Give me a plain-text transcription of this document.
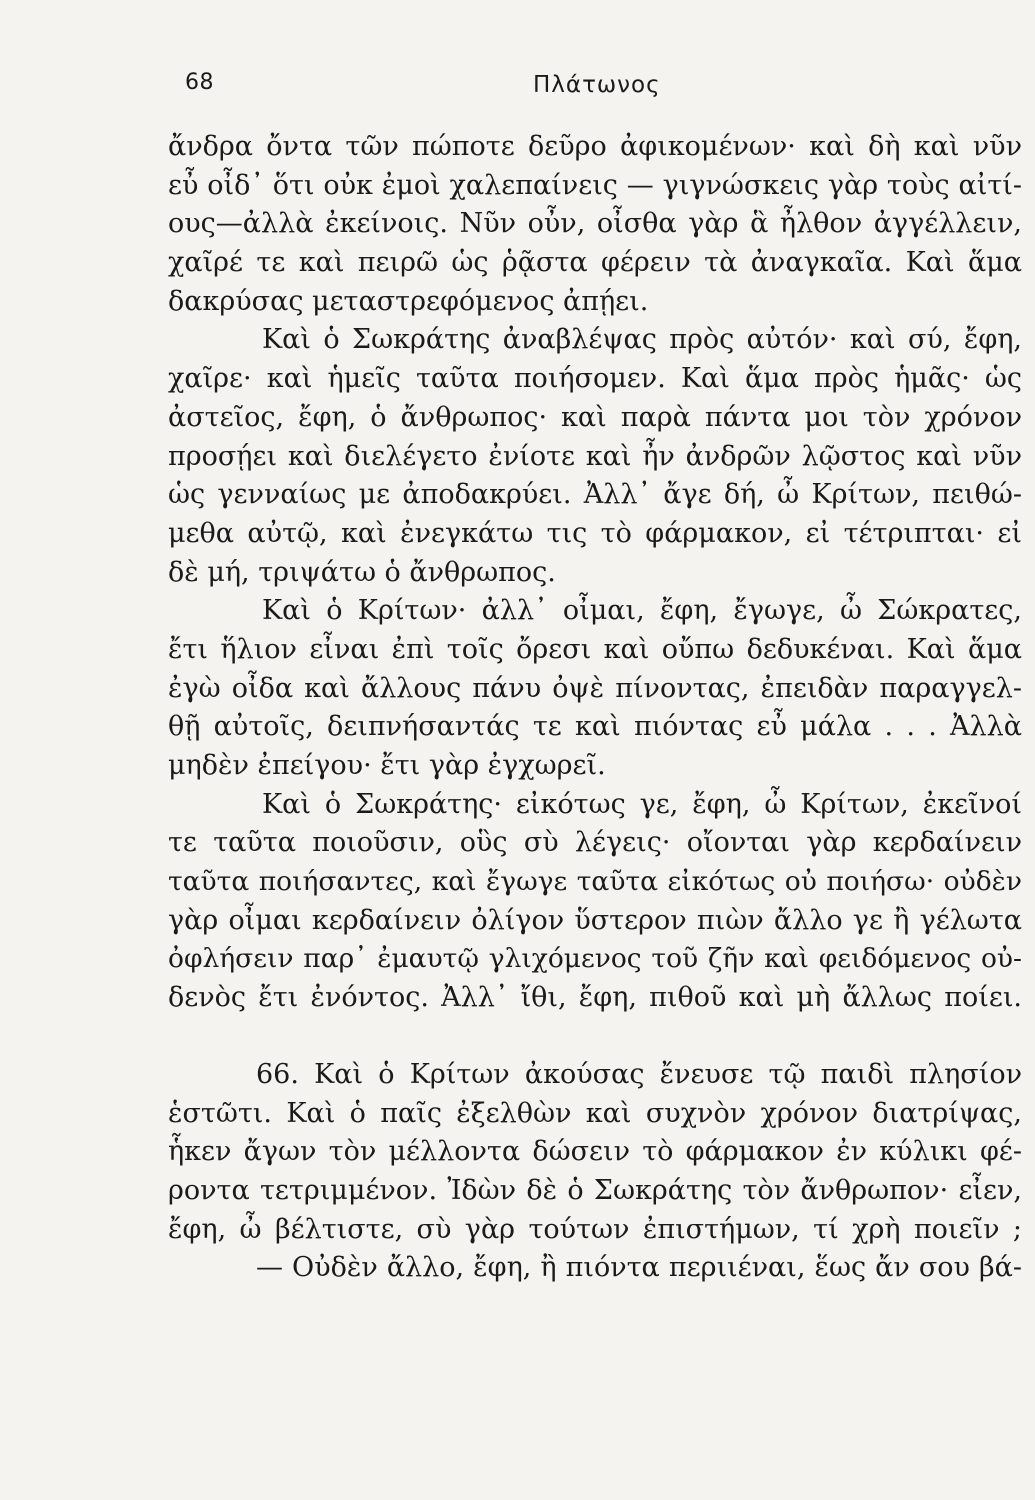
68	Πλάτωνος
ἄνδρα ὄντα τῶν πώποτε δεῦρο ἀφικομένων· καὶ δὴ καὶ νῦν
εὖ οἶδ᾽ ὅτι οὐκ ἐμοὶ χαλεπαίνεις — γιγνώσκεις γὰρ τοὺς αἰτί-
ους—ἀλλὰ ἐκείνοις. Νῦν οὖν, οἶσθα γὰρ ἃ ἦλθον ἀγγέλλειν,
χαῖρέ τε καὶ πειρῶ ὡς ῥᾷστα φέρειν τὰ ἀναγκαῖα. Καὶ ἅμα
δακρύσας μεταστρεφόμενος ἀπῄει.
Καὶ ὁ Σωκράτης ἀναβλέψας πρὸς αὐτόν· καὶ σύ, ἔφη,
χαῖρε· καὶ ἡμεῖς ταῦτα ποιήσομεν. Καὶ ἅμα πρὸς ἡμᾶς· ὡς
ἀστεῖος, ἔφη, ὁ ἄνθρωπος· καὶ παρὰ πάντα μοι τὸν χρόνον
προσῄει καὶ διελέγετο ἐνίοτε καὶ ἦν ἀνδρῶν λῷστος καὶ νῦν
ὡς γενναίως με ἀποδακρύει. Ἀλλ᾽ ἄγε δή, ὦ Κρίτων, πειθώ-
μεθα αὐτῷ, καὶ ἐνεγκάτω τις τὸ φάρμακον, εἰ τέτριπται· εἰ
δὲ μή, τριψάτω ὁ ἄνθρωπος.
Καὶ ὁ Κρίτων· ἀλλ᾽ οἶμαι, ἔφη, ἔγωγε, ὦ Σώκρατες,
ἔτι ἥλιον εἶναι ἐπὶ τοῖς ὄρεσι καὶ οὔπω δεδυκέναι. Καὶ ἅμα
ἐγὼ οἶδα καὶ ἄλλους πάνυ ὀψὲ πίνοντας, ἐπειδὰν παραγγελ-
θῇ αὐτοῖς, δειπνήσαντάς τε καὶ πιόντας εὖ μάλα . . . Ἀλλὰ
μηδὲν ἐπείγου· ἔτι γὰρ ἐγχωρεῖ.
Καὶ ὁ Σωκράτης· εἰκότως γε, ἔφη, ὦ Κρίτων, ἐκεῖνοί
τε ταῦτα ποιοῦσιν, οὓς σὺ λέγεις· οἴονται γὰρ κερδαίνειν
ταῦτα ποιήσαντες, καὶ ἔγωγε ταῦτα εἰκότως οὐ ποιήσω· οὐδὲν
γὰρ οἶμαι κερδαίνειν ὀλίγον ὕστερον πιὼν ἄλλο γε ἢ γέλωτα
ὀφλήσειν παρ᾽ ἐμαυτῷ γλιχόμενος τοῦ ζῆν καὶ φειδόμενος οὐ-
δενὸς ἔτι ἐνόντος. Ἀλλ᾽ ἴθι, ἔφη, πιθοῦ καὶ μὴ ἄλλως ποίει.
66. Καὶ ὁ Κρίτων ἀκούσας ἔνευσε τῷ παιδὶ πλησίον
ἑστῶτι. Καὶ ὁ παῖς ἐξελθὼν καὶ συχνὸν χρόνον διατρίψας,
ἧκεν ἄγων τὸν μέλλοντα δώσειν τὸ φάρμακον ἐν κύλικι φέ-
ροντα τετριμμένον. Ἰδὼν δὲ ὁ Σωκράτης τὸν ἄνθρωπον· εἶεν,
ἔφη, ὦ βέλτιστε, σὺ γὰρ τούτων ἐπιστήμων, τί χρὴ ποιεῖν ;
— Οὐδὲν ἄλλο, ἔφη, ἢ πιόντα περιιέναι, ἕως ἄν σου βά-
